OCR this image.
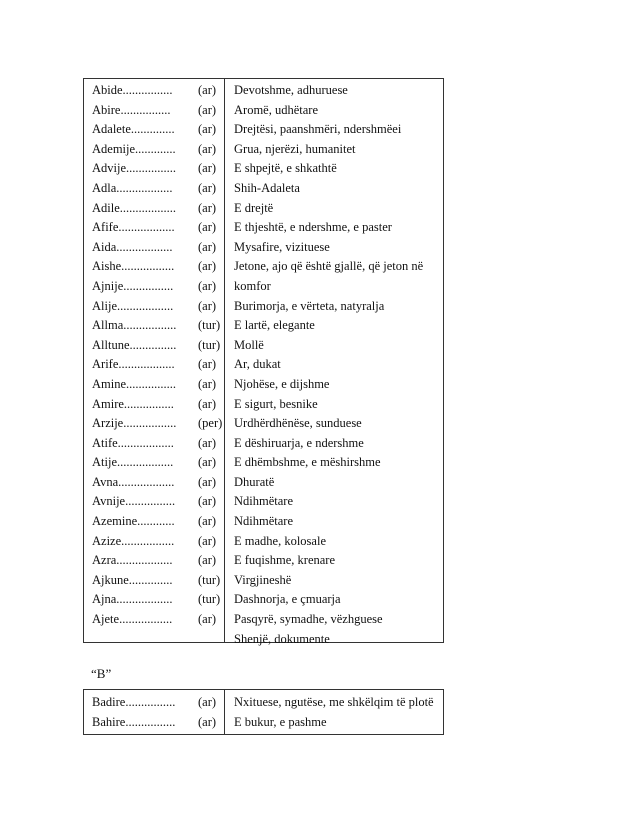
Abide................
Abire................
Adalete..............
Ademije.............
Advije................
Adla..................
Adile..................
Afife..................
Aida..................
Aishe.................
Ajnije................
Alije..................
Allma.................
Alltune...............
Arife..................
Amine................
Amire................
Arzije.................
Atife..................
Atije..................
Avna..................
Avnije................
Azemine............
Azize.................
Azra..................
Ajkune..............
Ajna..................
Ajete.................
(ar)
(ar)
(ar)
(ar)
(ar)
(ar)
(ar)
(ar)
(ar)
(ar)
(ar)
(ar)
(tur)
(tur)
(ar)
(ar)
(ar)
(per)
(ar)
(ar)
(ar)
(ar)
(ar)
(ar)
(ar)
(tur)
(tur)
(ar)
Devotshme, adhuruese
Aromë, udhëtare
Drejtësi, paanshmëri, ndershmëei
Grua, njerëzi, humanitet
E shpejtë, e shkathtë
Shih-Adaleta
E drejtë
E thjeshtë, e ndershme, e paster
Mysafire, vizituese
Jetone, ajo që është gjallë, që jeton në
komfor
Burimorja, e vërteta, natyralja
E lartë, elegante
Mollë
Ar, dukat
Njohëse, e dijshme
E sigurt, besnike
Urdhërdhënëse, sunduese
E dëshiruarja, e ndershme
E dhëmbshme, e mëshirshme
Dhuratë
Ndihmëtare
Ndihmëtare
E madhe, kolosale
E fuqishme, krenare
Virgjineshë
Dashnorja, e çmuarja
Pasqyrë, symadhe, vëzhguese
Shenjë, dokumente
“B”
Badire................
Bahire................
(ar)
(ar)
Nxituese, ngutëse, me shkëlqim të plotë
E bukur, e pashme
